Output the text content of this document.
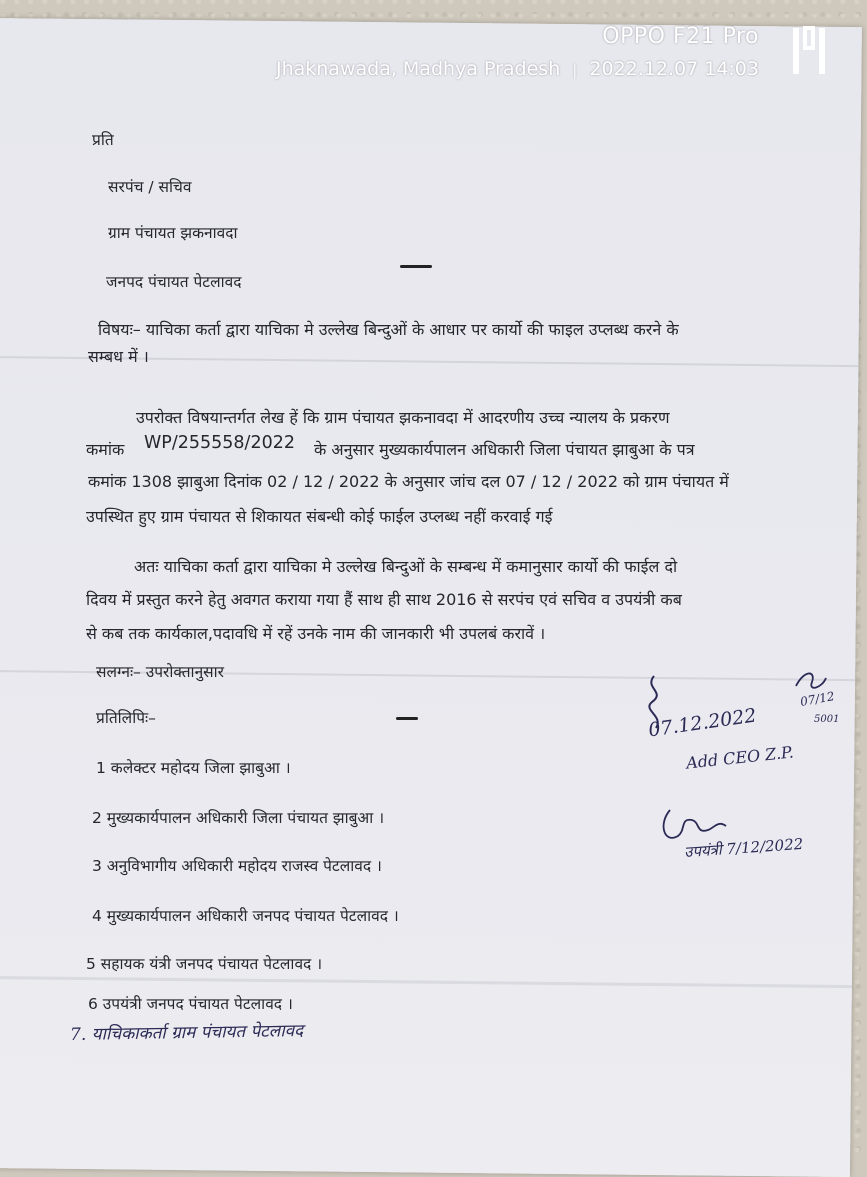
प्रति
सरपंच / सचिव
ग्राम पंचायत झकनावदा
जनपद पंचायत पेटलावद
विषयः– याचिका कर्ता द्वारा याचिका मे उल्लेख बिन्दुओं के आधार पर कार्यो की फाइल उप्लब्ध करने के
सम्बध में ।
उपरोक्त विषयान्तर्गत लेख हें कि ग्राम पंचायत झकनावदा में आदरणीय उच्च न्यालय के प्रकरण
कमांक WP/255558/2022 के अनुसार मुख्यकार्यपालन अधिकारी जिला पंचायत झाबुआ के पत्र
कमांक 1308 झाबुआ दिनांक 02 / 12 / 2022 के अनुसार जांच दल 07 / 12 / 2022 को ग्राम पंचायत में
उपस्थित हुए ग्राम पंचायत से शिकायत संबन्धी कोई फाईल उप्लब्ध नहीं करवाई गई
अतः याचिका कर्ता द्वारा याचिका मे उल्लेख बिन्दुओं के सम्बन्ध में कमानुसार कार्यो की फाईल दो
दिवय में प्रस्तुत करने हेतु अवगत कराया गया हैं साथ ही साथ 2016 से सरपंच एवं सचिव व उपयंत्री कब
से कब तक कार्यकाल,पदावधि में रहें उनके नाम की जानकारी भी उपलबं करावें ।
सलग्नः– उपरोक्तानुसार
प्रतिलिपिः–
1 कलेक्टर महोदय जिला झाबुआ ।
2 मुख्यकार्यपालन अधिकारी जिला पंचायत झाबुआ ।
3 अनुविभागीय अधिकारी महोदय राजस्व पेटलावद ।
4 मुख्यकार्यपालन अधिकारी जनपद पंचायत पेटलावद ।
5 सहायक यंत्री जनपद पंचायत पेटलावद ।
6 उपयंत्री जनपद पंचायत पेटलावद ।
7. याचिकाकर्ता ग्राम पंचायत पेटलावद
07.12.2022
Add CEO Z.P.
07/12
5001
उपयंत्री 7/12/2022
OPPO F21 Pro
Jhaknawada, Madhya Pradesh | 2022.12.07 14:03
